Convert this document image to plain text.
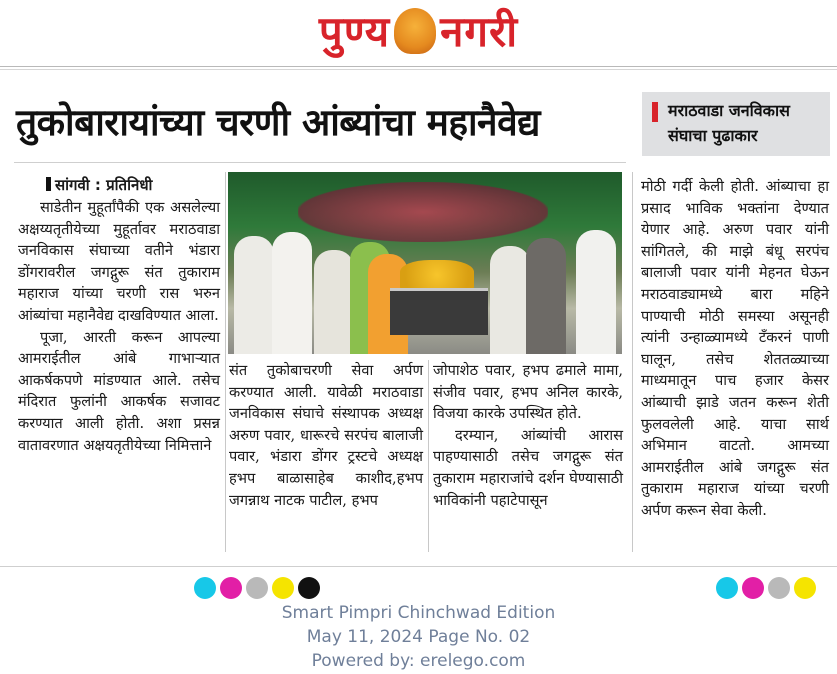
पुण्य नगरी
तुकोबारायांच्या चरणी आंब्यांचा महानैवेद्य	मराठवाडा जनविकास
संघाचा पुढाकार
सांगवी : प्रतिनिधी

साडेतीन मुहूर्तांपैकी एक असलेल्या अक्षय्यतृतीयेच्या मुहूर्तावर मराठवाडा जनविकास संघाच्या वतीने भंडारा डोंगरावरील जगद्गुरू संत तुकाराम महाराज यांच्या चरणी रास भरुन आंब्यांचा महानैवेद्य दाखविण्यात आला.

पूजा, आरती करून आपल्या आमराईतील आंबे गाभाऱ्यात आकर्षकपणे मांडण्यात आले. तसेच मंदिरात फुलांनी आकर्षक सजावट करण्यात आली होती. अशा प्रसन्न वातावरणात अक्षयतृतीयेच्या निमित्ताने

संत तुकोबाचरणी सेवा अर्पण करण्यात आली. यावेळी मराठवाडा जनविकास संघाचे संस्थापक अध्यक्ष अरुण पवार, धारूरचे सरपंच बालाजी पवार, भंडारा डोंगर ट्रस्टचे अध्यक्ष हभप बाळासाहेब काशीद,हभप जगन्नाथ नाटक पाटील, हभप

जोपाशेठ पवार, हभप ढमाले मामा, संजीव पवार, हभप अनिल कारके, विजया कारके उपस्थित होते.

दरम्यान, आंब्यांची आरास पाहण्यासाठी तसेच जगद्गुरू संत तुकाराम महाराजांचे दर्शन घेण्यासाठी भाविकांनी पहाटेपासून

मोठी गर्दी केली होती. आंब्याचा हा प्रसाद भाविक भक्तांना देण्यात येणार आहे. अरुण पवार यांनी सांगितले, की माझे बंधू सरपंच बालाजी पवार यांनी मेहनत घेऊन मराठवाड्यामध्ये बारा महिने पाण्याची मोठी समस्या असूनही त्यांनी उन्हाळ्यामध्ये टँकरनं पाणी घालून, तसेच शेततळ्याच्या माध्यमातून पाच हजार केसर आंब्याची झाडे जतन करून शेती फुलवलेली आहे. याचा सार्थ अभिमान वाटतो. आमच्या आमराईतील आंबे जगद्गुरू संत तुकाराम महाराज यांच्या चरणी अर्पण करून सेवा केली.

Smart Pimpri Chinchwad Edition
May 11, 2024 Page No. 02
Powered by: erelego.com
